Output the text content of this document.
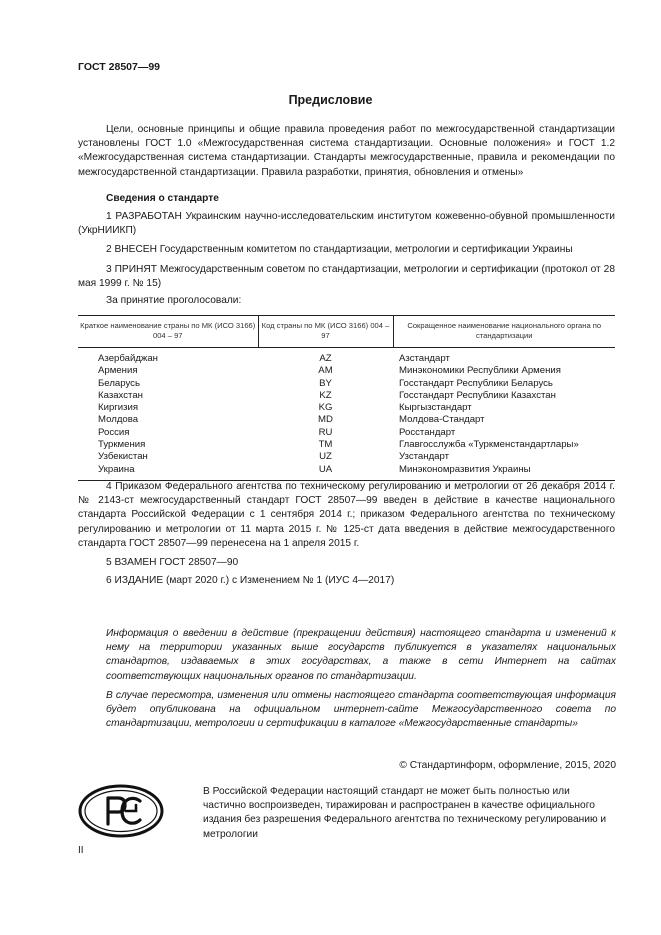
ГОСТ 28507—99
Предисловие
Цели, основные принципы и общие правила проведения работ по межгосударственной стандартизации установлены ГОСТ 1.0 «Межгосударственная система стандартизации. Основные положения» и ГОСТ 1.2 «Межгосударственная система стандартизации. Стандарты межгосударственные, правила и рекомендации по межгосударственной стандартизации. Правила разработки, принятия, обновления и отмены»
Сведения о стандарте
1 РАЗРАБОТАН Украинским научно-исследовательским институтом кожевенно-обувной промышленности (УкрНИИКП)
2 ВНЕСЕН Государственным комитетом по стандартизации, метрологии и сертификации Украины
3 ПРИНЯТ Межгосударственным советом по стандартизации, метрологии и сертификации (протокол от 28 мая 1999 г. № 15)
За принятие проголосовали:
Краткое наименование страны по МК (ИСО 3166) 004 – 97	Код страны по МК (ИСО 3166) 004 – 97	Сокращенное наименование национального органа по стандартизации
Азербайджан	AZ	Азстандарт
Армения	AM	Минэкономики Республики Армения
Беларусь	BY	Госстандарт Республики Беларусь
Казахстан	KZ	Госстандарт Республики Казахстан
Киргизия	KG	Кыргызстандарт
Молдова	MD	Молдова-Стандарт
Россия	RU	Росстандарт
Туркмения	TM	Главгосслужба «Туркменстандартлары»
Узбекистан	UZ	Узстандарт
Украина	UA	Минэкономразвития Украины
4 Приказом Федерального агентства по техническому регулированию и метрологии от 26 декабря 2014 г. № 2143-ст межгосударственный стандарт ГОСТ 28507—99 введен в действие в качестве национального стандарта Российской Федерации с 1 сентября 2014 г.; приказом Федерального агентства по техническому регулированию и метрологии от 11 марта 2015 г. № 125-ст дата введения в действие межгосударственного стандарта ГОСТ 28507—99 перенесена на 1 апреля 2015 г.
5 ВЗАМЕН ГОСТ 28507—90
6 ИЗДАНИЕ (март 2020 г.) с Изменением № 1 (ИУС 4—2017)
Информация о введении в действие (прекращении действия) настоящего стандарта и изменений к нему на территории указанных выше государств публикуется в указателях национальных стандартов, издаваемых в этих государствах, а также в сети Интернет на сайтах соответствующих национальных органов по стандартизации.
В случае пересмотра, изменения или отмены настоящего стандарта соответствующая информация будет опубликована на официальном интернет-сайте Межгосударственного совета по стандартизации, метрологии и сертификации в каталоге «Межгосударственные стандарты»
© Стандартинформ, оформление, 2015, 2020
В Российской Федерации настоящий стандарт не может быть полностью или частично воспроизведен, тиражирован и распространен в качестве официального издания без разрешения Федерального агентства по техническому регулированию и метрологии
II
